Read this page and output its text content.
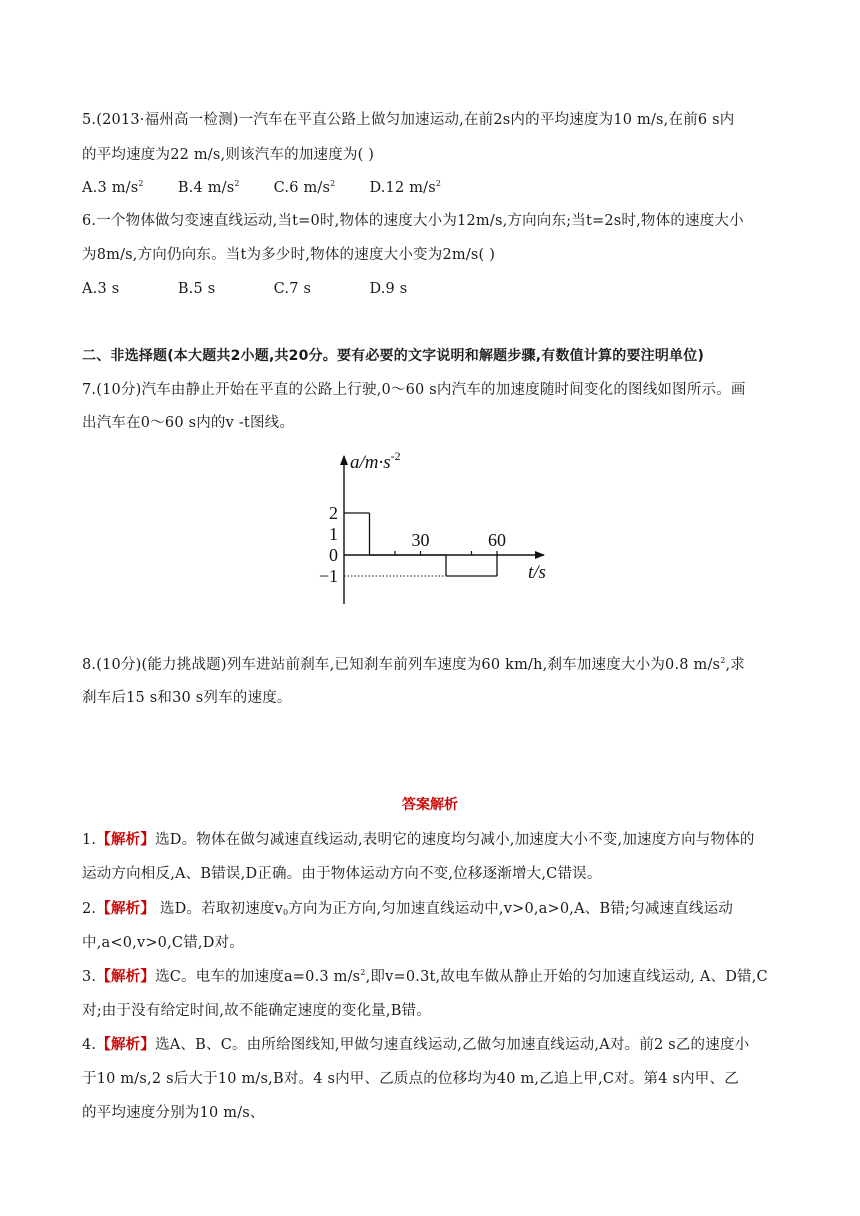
5.(2013·福州高一检测)一汽车在平直公路上做匀加速运动,在前2s内的平均速度为10 m/s,在前6 s内
的平均速度为22 m/s,则该汽车的加速度为( )
A.3 $m/s^2$ B.4 $m/s^2$ C.6 $m/s^2$ D.12 $m/s^2$
6.一个物体做匀变速直线运动,当t=0时,物体的速度大小为12m/s,方向向东;当t=2s时,物体的速度大小
为8m/s,方向仍向东。当t为多少时,物体的速度大小变为2m/s( )
A.3 s	B.5 s	C.7 s	D.9 s
二、非选择题(本大题共2小题,共20分。要有必要的文字说明和解题步骤,有数值计算的要注明单位)
7.(10分)汽车由静止开始在平直的公路上行驶,0～60 s内汽车的加速度随时间变化的图线如图所示。画
出汽车在0～60 s内的v -t图线。
$a/m\cdot s^{-2}$
t/s
2
1
0
−1
30	60
8.(10分)(能力挑战题)列车进站前刹车,已知刹车前列车速度为60 km/h,刹车加速度大小为0.8 $m/s^2$,求
刹车后15 s和30 s列车的速度。
答案解析
1.【解析】选D。物体在做匀减速直线运动,表明它的速度均匀减小,加速度大小不变,加速度方向与物体的
运动方向相反,A、B错误,D正确。由于物体运动方向不变,位移逐渐增大,C错误。
2.【解析】 选D。若取初速度$v_0$方向为正方向,匀加速直线运动中,v>0,a>0,A、B错;匀减速直线运动
中,a<0,v>0,C错,D对。
3.【解析】选C。电车的加速度a=0.3 $m/s^2$,即v=0.3t,故电车做从静止开始的匀加速直线运动, A、D错,C
对;由于没有给定时间,故不能确定速度的变化量,B错。
4.【解析】选A、B、C。由所给图线知,甲做匀速直线运动,乙做匀加速直线运动,A对。前2 s乙的速度小
于10 m/s,2 s后大于10 m/s,B对。4 s内甲、乙质点的位移均为40 m,乙追上甲,C对。第4 s内甲、乙
的平均速度分别为10 m/s、
